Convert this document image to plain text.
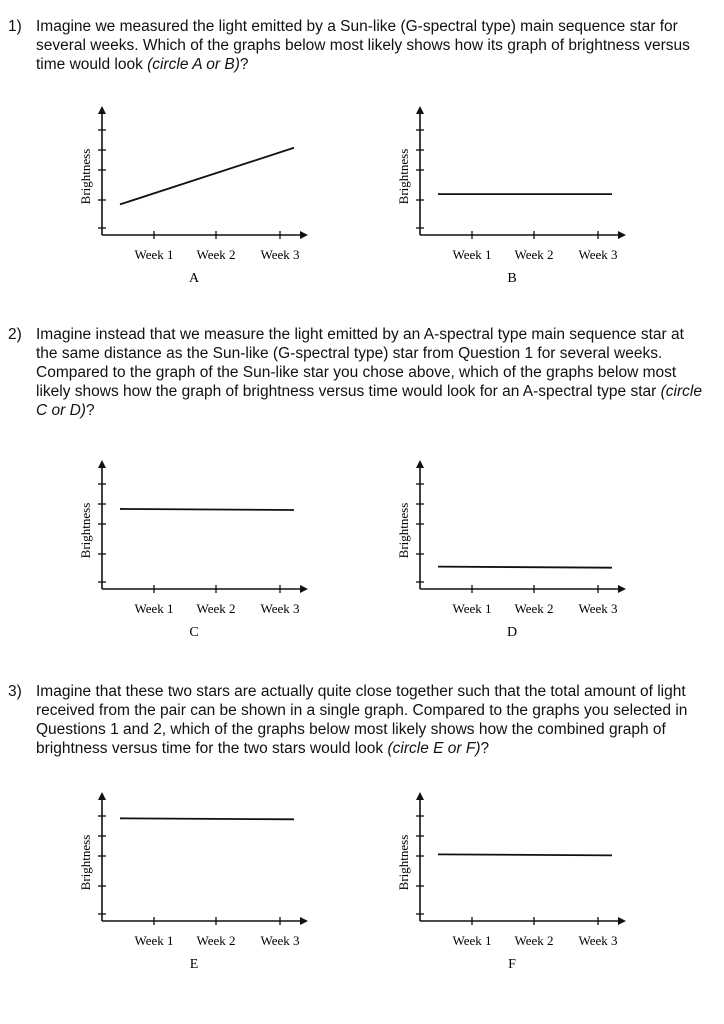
1) Imagine we measured the light emitted by a Sun-like (G-spectral type) main sequence star for several weeks. Which of the graphs below most likely shows how its graph of brightness versus time would look (circle A or B)?
2) Imagine instead that we measure the light emitted by an A-spectral type main sequence star at the same distance as the Sun-like (G-spectral type) star from Question 1 for several weeks. Compared to the graph of the Sun-like star you chose above, which of the graphs below most likely shows how the graph of brightness versus time would look for an A-spectral type star (circle C or D)?
3) Imagine that these two stars are actually quite close together such that the total amount of light received from the pair can be shown in a single graph. Compared to the graphs you selected in Questions 1 and 2, which of the graphs below most likely shows how the combined graph of brightness versus time for the two stars would look (circle E or F)?
Week 1 Week 2 Week 3
Brightness
A
Week 1 Week 2 Week 3
Brightness
B
Week 1 Week 2 Week 3
Brightness
C
Week 1 Week 2 Week 3
Brightness
D
Week 1 Week 2 Week 3
Brightness
E
Week 1 Week 2 Week 3
Brightness
F
